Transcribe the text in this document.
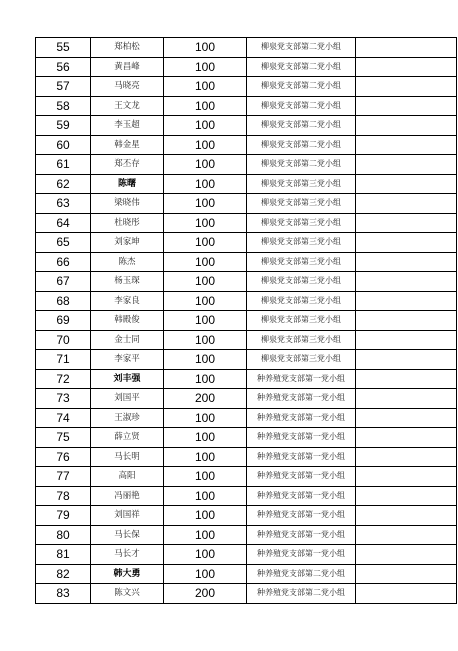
55	郑柏松	100	柳泉党支部第二党小组	
56	黄昌峰	100	柳泉党支部第二党小组	
57	马晓亮	100	柳泉党支部第二党小组	
58	王文龙	100	柳泉党支部第二党小组	
59	李玉超	100	柳泉党支部第二党小组	
60	韩金星	100	柳泉党支部第二党小组	
61	郑丕存	100	柳泉党支部第二党小组	
62	陈曙	100	柳泉党支部第三党小组	
63	梁晓伟	100	柳泉党支部第三党小组	
64	杜晓彤	100	柳泉党支部第三党小组	
65	刘家坤	100	柳泉党支部第三党小组	
66	陈杰	100	柳泉党支部第三党小组	
67	杨玉琛	100	柳泉党支部第三党小组	
68	李家良	100	柳泉党支部第三党小组	
69	韩殿俊	100	柳泉党支部第三党小组	
70	金士同	100	柳泉党支部第三党小组	
71	李家平	100	柳泉党支部第三党小组	
72	刘丰强	100	种养殖党支部第一党小组	
73	刘国平	200	种养殖党支部第一党小组	
74	王淑珍	100	种养殖党支部第一党小组	
75	薛立贤	100	种养殖党支部第一党小组	
76	马长明	100	种养殖党支部第一党小组	
77	高阳	100	种养殖党支部第一党小组	
78	冯丽艳	100	种养殖党支部第一党小组	
79	刘国祥	100	种养殖党支部第一党小组	
80	马长保	100	种养殖党支部第一党小组	
81	马长才	100	种养殖党支部第一党小组	
82	韩大勇	100	种养殖党支部第二党小组	
83	陈文兴	200	种养殖党支部第二党小组	
